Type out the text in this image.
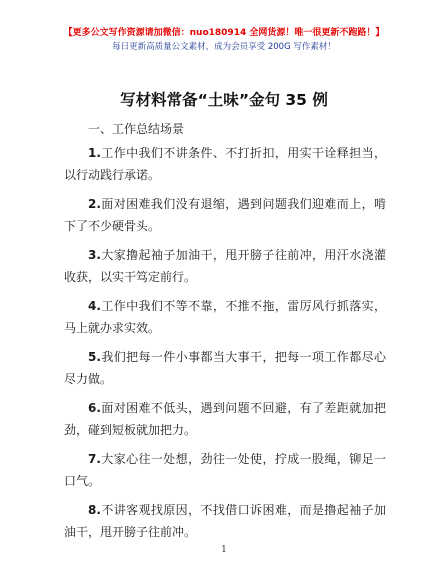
【更多公文写作资源请加微信：nuo180914 全网货源！唯一很更新不跑路！】
每日更新高质量公文素材，成为会员享受 200G 写作素材！
写材料常备“土味”金句 35 例
一、工作总结场景

1.工作中我们不讲条件、不打折扣，用实干诠释担当，以行动践行承诺。

2.面对困难我们没有退缩，遇到问题我们迎难而上，啃下了不少硬骨头。

3.大家撸起袖子加油干，甩开膀子往前冲，用汗水浇灌收获，以实干笃定前行。

4.工作中我们不等不靠，不推不拖，雷厉风行抓落实，马上就办求实效。

5.我们把每一件小事都当大事干，把每一项工作都尽心尽力做。

6.面对困难不低头，遇到问题不回避，有了差距就加把劲，碰到短板就加把力。

7.大家心往一处想，劲往一处使，拧成一股绳，铆足一口气。

8.不讲客观找原因，不找借口诉困难，而是撸起袖子加油干，甩开膀子往前冲。

1
